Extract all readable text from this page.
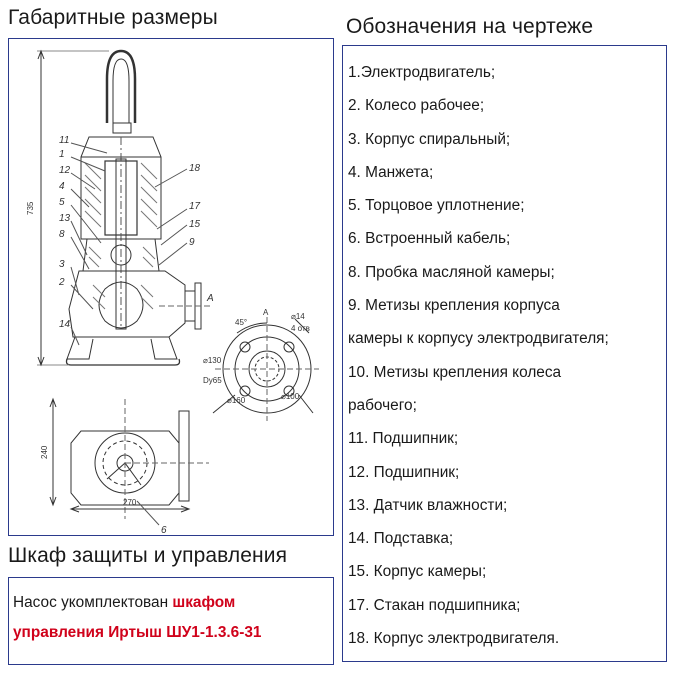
Габаритные размеры	Обозначения на чертеже
Шкаф защиты и управления
11
1
12
4
5
13
8
3
2
14
18
17
15
9
6
A
735
240
270
45°
A	⌀14
4 отв
⌀130
Dу65
⌀160	⌀100
1.Электродвигатель;
2. Колесо рабочее;
3. Корпус спиральный;
4. Манжета;
5. Торцовое уплотнение;
6. Встроенный кабель;
8. Пробка масляной камеры;
9. Метизы крепления корпуса
камеры к корпусу электродвигателя;
10. Метизы крепления колеса
рабочего;
11. Подшипник;
12. Подшипник;
13. Датчик влажности;
14. Подставка;
15. Корпус камеры;
17. Стакан подшипника;
18. Корпус электродвигателя.
Насос укомплектован шкафом
управления Иртыш ШУ1-1.3.6-31
